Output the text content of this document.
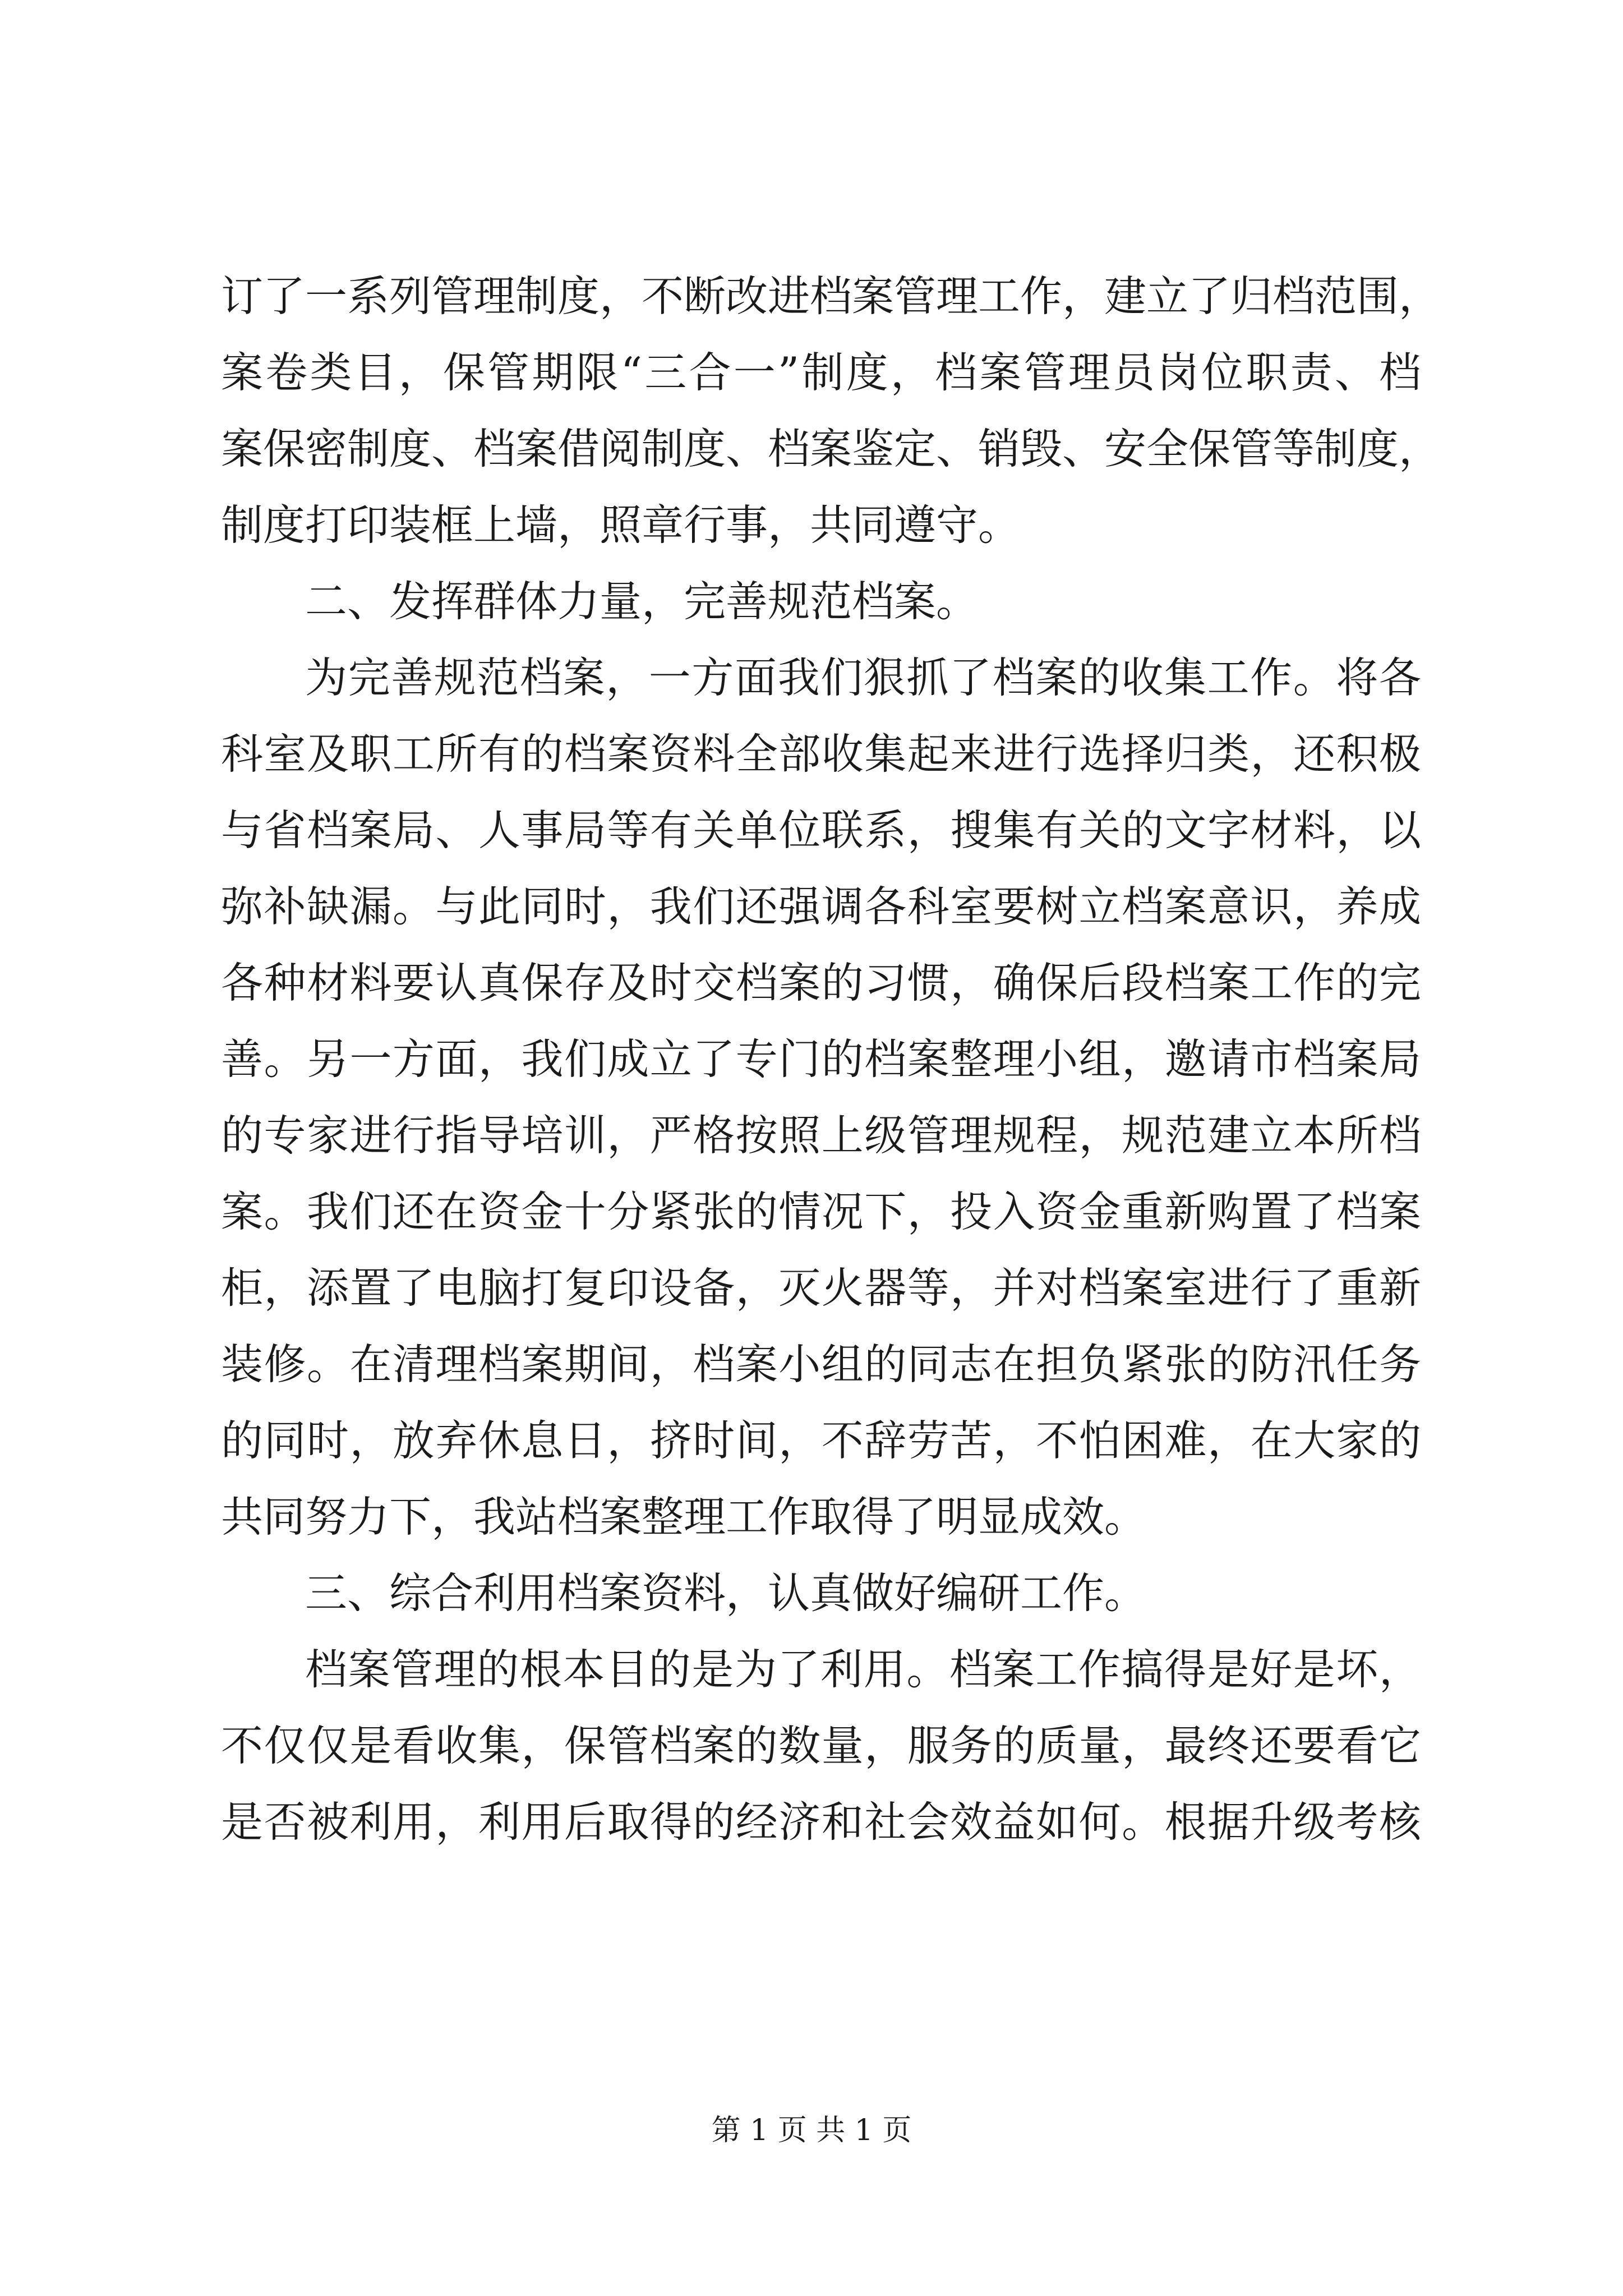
订了一系列管理制度，不断改进档案管理工作，建立了归档范围，
案卷类目，保管期限“三合一”制度，档案管理员岗位职责、档
案保密制度、档案借阅制度、档案鉴定、销毁、安全保管等制度，
制度打印装框上墙，照章行事，共同遵守。
二、发挥群体力量，完善规范档案。
为完善规范档案，一方面我们狠抓了档案的收集工作。将各
科室及职工所有的档案资料全部收集起来进行选择归类，还积极
与省档案局、人事局等有关单位联系，搜集有关的文字材料，以
弥补缺漏。与此同时，我们还强调各科室要树立档案意识，养成
各种材料要认真保存及时交档案的习惯，确保后段档案工作的完
善。另一方面，我们成立了专门的档案整理小组，邀请市档案局
的专家进行指导培训，严格按照上级管理规程，规范建立本所档
案。我们还在资金十分紧张的情况下，投入资金重新购置了档案
柜，添置了电脑打复印设备，灭火器等，并对档案室进行了重新
装修。在清理档案期间，档案小组的同志在担负紧张的防汛任务
的同时，放弃休息日，挤时间，不辞劳苦，不怕困难，在大家的
共同努力下，我站档案整理工作取得了明显成效。
三、综合利用档案资料，认真做好编研工作。
档案管理的根本目的是为了利用。档案工作搞得是好是坏，
不仅仅是看收集，保管档案的数量，服务的质量，最终还要看它
是否被利用，利用后取得的经济和社会效益如何。根据升级考核
第 1 页 共 1 页
